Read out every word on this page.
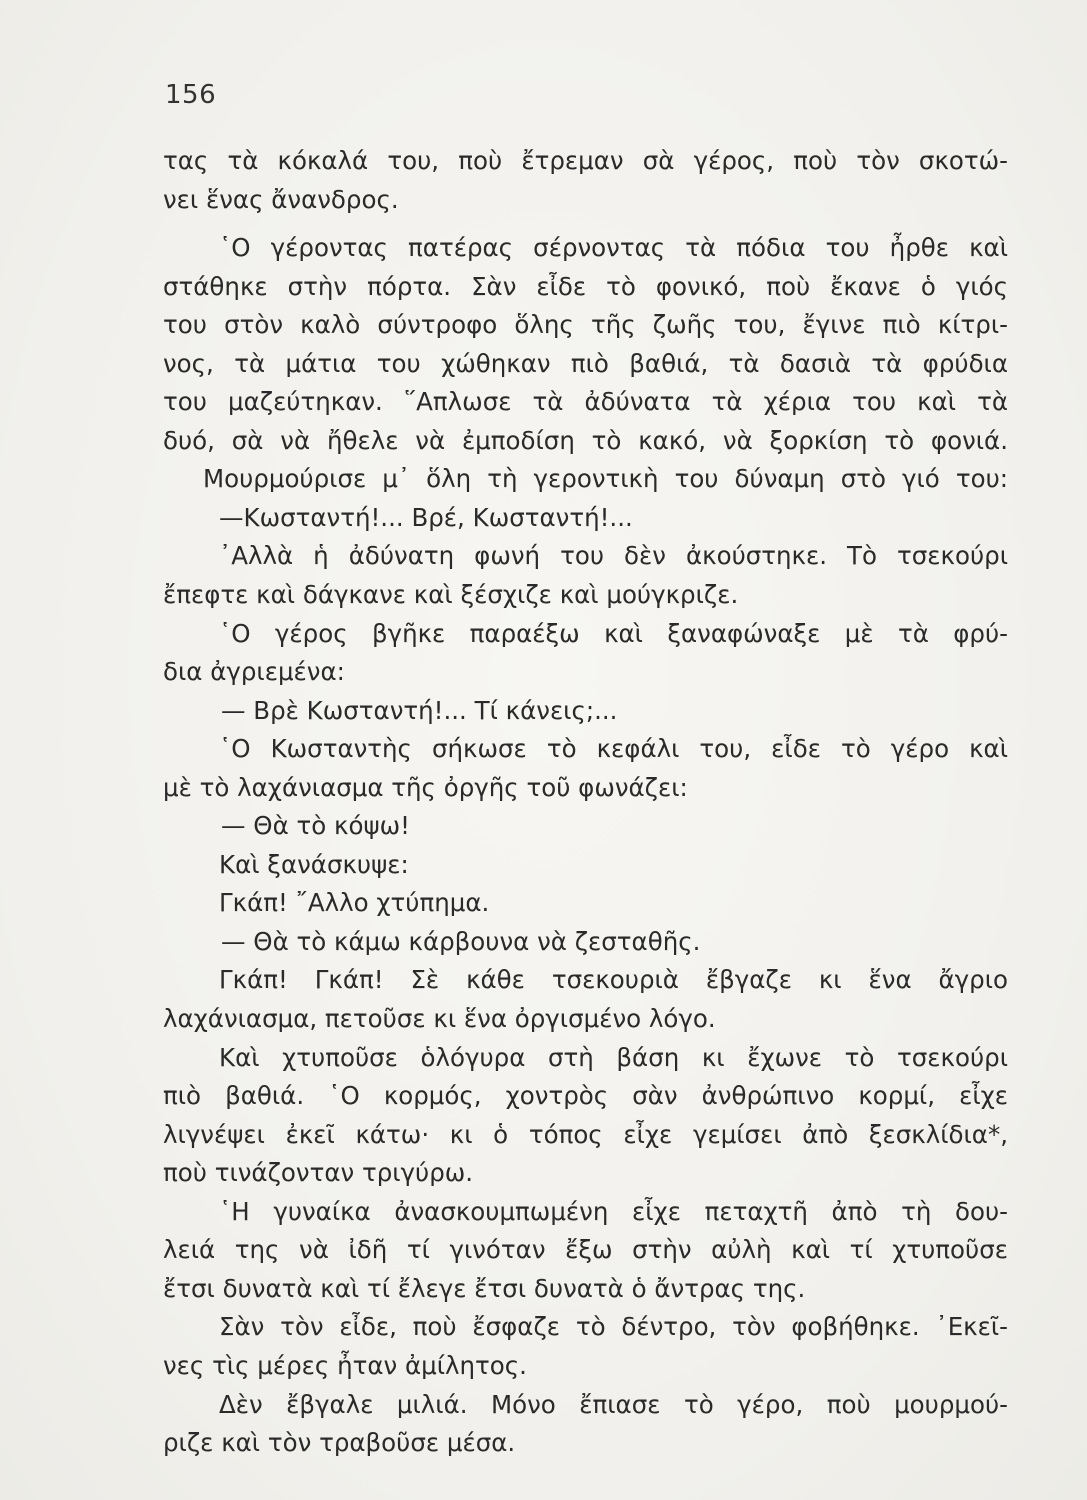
156
τας τὰ κόκαλά του, ποὺ ἔτρεμαν σὰ γέρος, ποὺ τὸν σκοτώ-
νει ἕνας ἄνανδρος.
῾Ο γέροντας πατέρας σέρνοντας τὰ πόδια του ἦρθε καὶ
στάθηκε στὴν πόρτα. Σὰν εἶδε τὸ φονικό, ποὺ ἔκανε ὁ γιός
του στὸν καλὸ σύντροφο ὅλης τῆς ζωῆς του, ἔγινε πιὸ κίτρι-
νος, τὰ μάτια του χώθηκαν πιὸ βαθιά, τὰ δασιὰ τὰ φρύδια
του μαζεύτηκαν. ῞Απλωσε τὰ ἀδύνατα τὰ χέρια του καὶ τὰ
δυό, σὰ νὰ ἤθελε νὰ ἐμποδίση τὸ κακό, νὰ ξορκίση τὸ φονιά.
Μουρμούρισε μ᾿ ὅλη τὴ γεροντικὴ του δύναμη στὸ γιό του:
—Κωσταντή!... Βρέ, Κωσταντή!...
᾿Αλλὰ ἡ ἀδύνατη φωνή του δὲν ἀκούστηκε. Τὸ τσεκούρι
ἔπεφτε καὶ δάγκανε καὶ ξέσχιζε καὶ μούγκριζε.
῾Ο γέρος βγῆκε παραέξω καὶ ξαναφώναξε μὲ τὰ φρύ-
δια ἀγριεμένα:
— Βρὲ Κωσταντή!... Τί κάνεις;...
῾Ο Κωσταντὴς σήκωσε τὸ κεφάλι του, εἶδε τὸ γέρο καὶ
μὲ τὸ λαχάνιασμα τῆς ὀργῆς τοῦ φωνάζει:
— Θὰ τὸ κόψω!
Καὶ ξανάσκυψε:
Γκάπ! ῎Αλλο χτύπημα.
— Θὰ τὸ κάμω κάρβουνα νὰ ζεσταθῆς.
Γκάπ! Γκάπ! Σὲ κάθε τσεκουριὰ ἔβγαζε κι ἕνα ἄγριο
λαχάνιασμα, πετοῦσε κι ἕνα ὀργισμένο λόγο.
Καὶ χτυποῦσε ὁλόγυρα στὴ βάση κι ἔχωνε τὸ τσεκούρι
πιὸ βαθιά. ῾Ο κορμός, χοντρὸς σὰν ἀνθρώπινο κορμί, εἶχε
λιγνέψει ἐκεῖ κάτω· κι ὁ τόπος εἶχε γεμίσει ἀπὸ ξεσκλίδια*,
ποὺ τινάζονταν τριγύρω.
῾Η γυναίκα ἀνασκουμπωμένη εἶχε πεταχτῆ ἀπὸ τὴ δου-
λειά της νὰ ἰδῆ τί γινόταν ἔξω στὴν αὐλὴ καὶ τί χτυποῦσε
ἔτσι δυνατὰ καὶ τί ἔλεγε ἔτσι δυνατὰ ὁ ἄντρας της.
Σὰν τὸν εἶδε, ποὺ ἔσφαζε τὸ δέντρο, τὸν φοβήθηκε. ᾿Εκεῖ-
νες τὶς μέρες ἦταν ἀμίλητος.
Δὲν ἔβγαλε μιλιά. Μόνο ἔπιασε τὸ γέρο, ποὺ μουρμού-
ριζε καὶ τὸν τραβοῦσε μέσα.
